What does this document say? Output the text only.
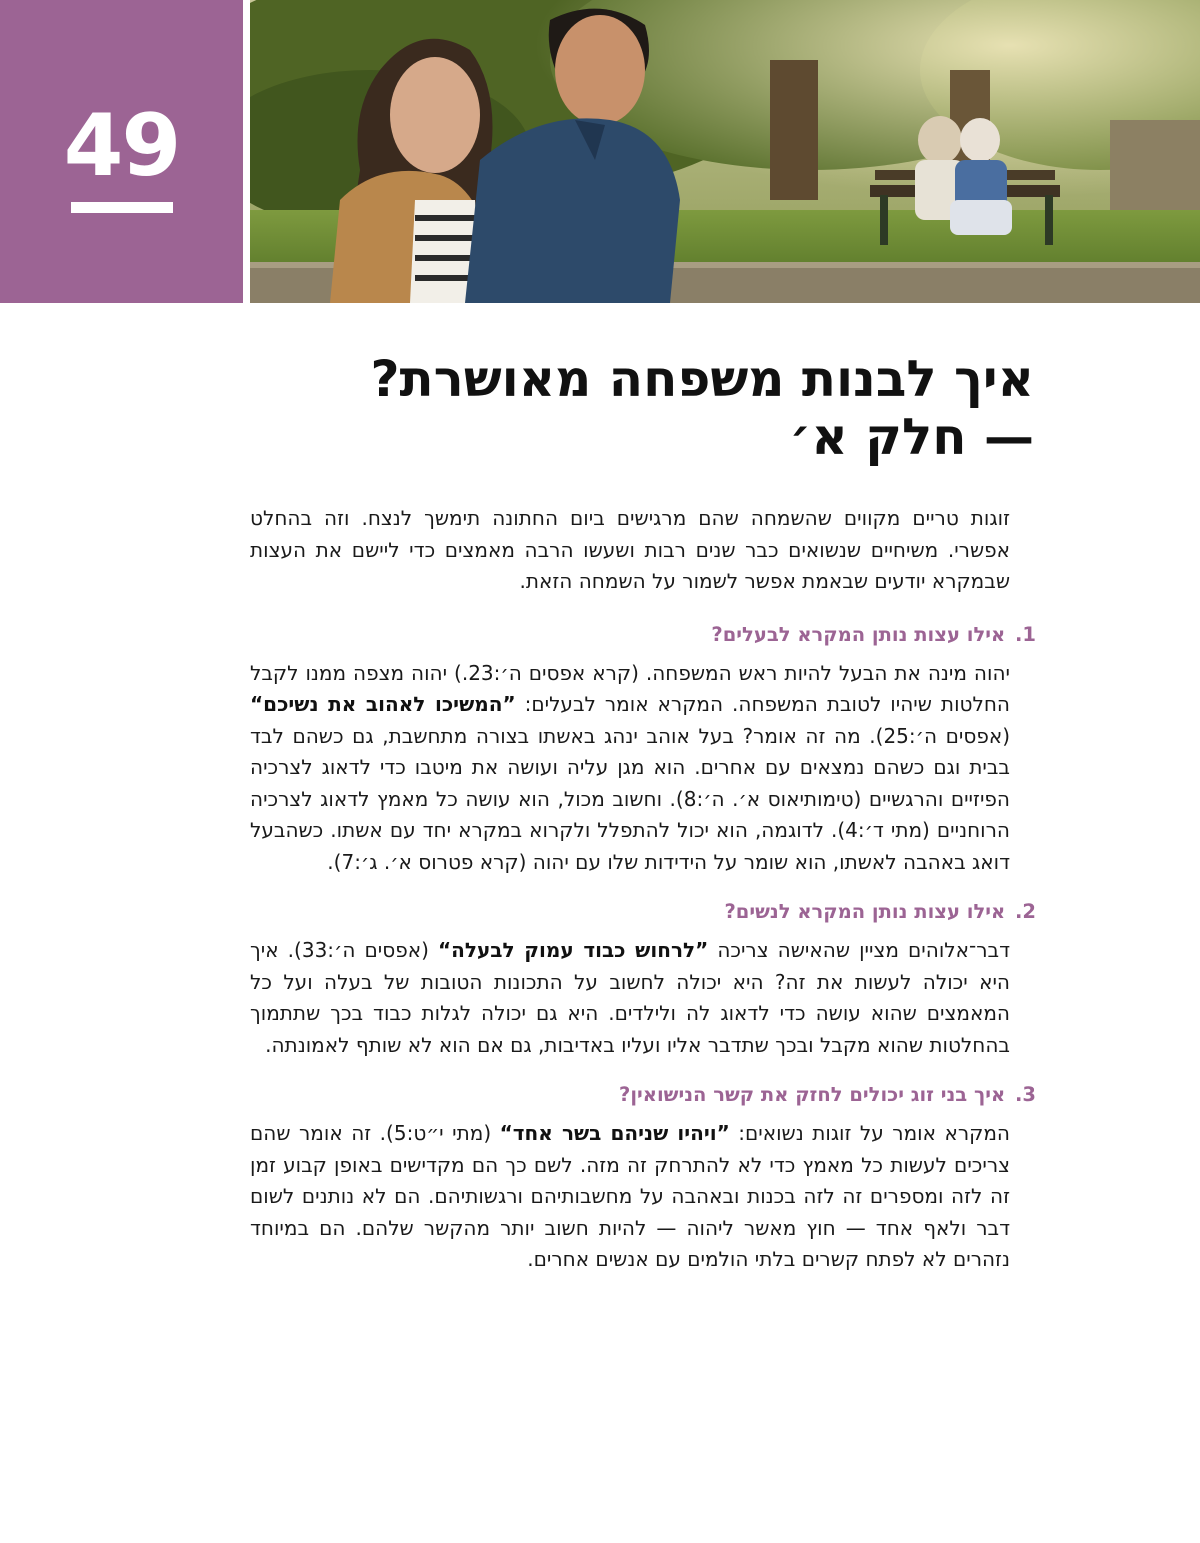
49
איך לבנות משפחה מאושרת?
— חלק א׳

זוגות טריים מקווים שהשמחה שהם מרגישים ביום החתונה תימשך לנצח. וזה בהחלט אפשרי. משיחיים שנשואים כבר שנים רבות ושעשו הרבה מאמצים כדי ליישם את העצות שבמקרא יודעים שבאמת אפשר לשמור על השמחה הזאת.

1. אילו עצות נותן המקרא לבעלים?

יהוה מינה את הבעל להיות ראש המשפחה. (קרא אפסים ה׳:23.) יהוה מצפה ממנו לקבל החלטות שיהיו לטובת המשפחה. המקרא אומר לבעלים: ”המשיכו לאהוב את נשיכם“ (אפסים ה׳:25). מה זה אומר? בעל אוהב ינהג באשתו בצורה מתחשבת, גם כשהם לבד בבית וגם כשהם נמצאים עם אחרים. הוא מגן עליה ועושה את מיטבו כדי לדאוג לצרכיה הפיזיים והרגשיים (טימותיאוס א׳. ה׳:8). וחשוב מכול, הוא עושה כל מאמץ לדאוג לצרכיה הרוחניים (מתי ד׳:4). לדוגמה, הוא יכול להתפלל ולקרוא במקרא יחד עם אשתו. כשהבעל דואג באהבה לאשתו, הוא שומר על הידידות שלו עם יהוה (קרא פטרוס א׳. ג׳:7).

2. אילו עצות נותן המקרא לנשים?

דבר־אלוהים מציין שהאישה צריכה ”לרחוש כבוד עמוק לבעלה“ (אפסים ה׳:33). איך היא יכולה לעשות את זה? היא יכולה לחשוב על התכונות הטובות של בעלה ועל כל המאמצים שהוא עושה כדי לדאוג לה ולילדים. היא גם יכולה לגלות כבוד בכך שתתמוך בהחלטות שהוא מקבל ובכך שתדבר אליו ועליו באדיבות, גם אם הוא לא שותף לאמונתה.

3. איך בני זוג יכולים לחזק את קשר הנישואין?

המקרא אומר על זוגות נשואים: ”ויהיו שניהם בשר אחד“ (מתי י״ט:5). זה אומר שהם צריכים לעשות כל מאמץ כדי לא להתרחק זה מזה. לשם כך הם מקדישים באופן קבוע זמן זה לזה ומספרים זה לזה בכנות ובאהבה על מחשבותיהם ורגשותיהם. הם לא נותנים לשום דבר ולאף אחד — חוץ מאשר ליהוה — להיות חשוב יותר מהקשר שלהם. הם במיוחד נזהרים לא לפתח קשרים בלתי הולמים עם אנשים אחרים.
